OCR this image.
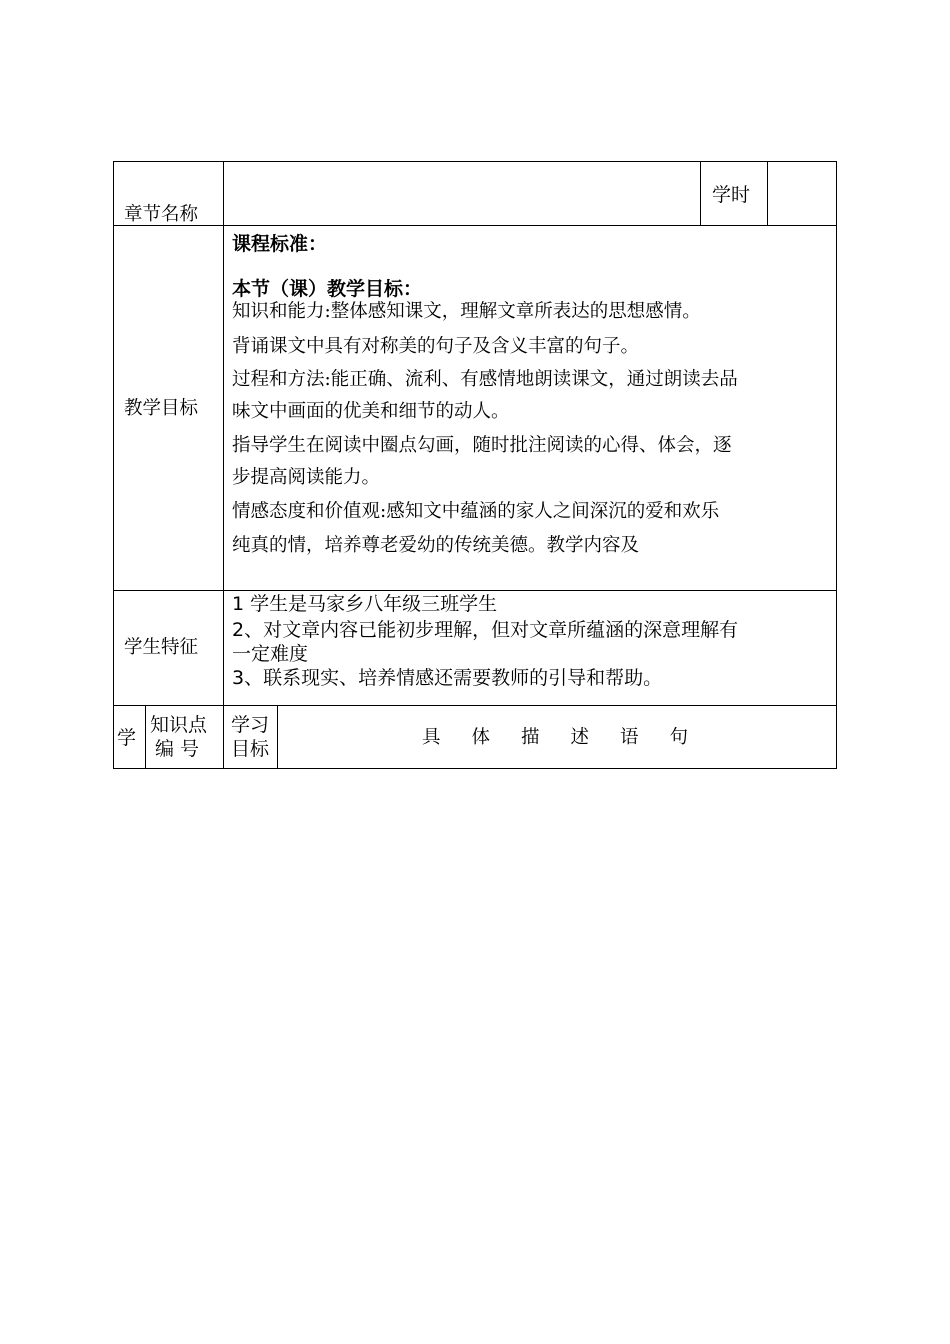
章节名称
学时
教学目标
课程标准：
本节（课）教学目标：
知识和能力:整体感知课文，理解文章所表达的思想感情。
背诵课文中具有对称美的句子及含义丰富的句子。
过程和方法:能正确、流利、有感情地朗读课文，通过朗读去品
味文中画面的优美和细节的动人。
指导学生在阅读中圈点勾画，随时批注阅读的心得、体会，逐
步提高阅读能力。
情感态度和价值观:感知文中蕴涵的家人之间深沉的爱和欢乐
纯真的情，培养尊老爱幼的传统美德。教学内容及
学生特征
1 学生是马家乡八年级三班学生
2、对文章内容已能初步理解，但对文章所蕴涵的深意理解有
一定难度
3、联系现实、培养情感还需要教师的引导和帮助。
学
知识点
编 号
学习
目标
具体描述语句
